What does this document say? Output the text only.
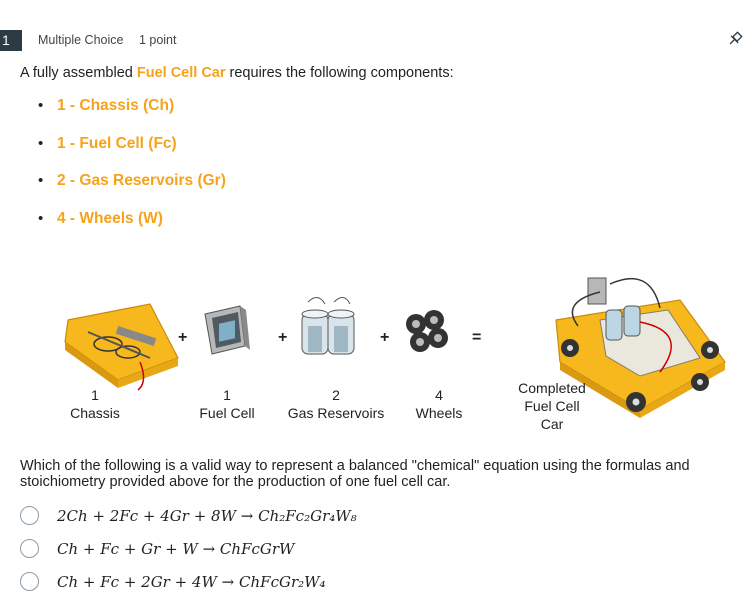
1	Multiple Choice 1 point
A fully assembled Fuel Cell Car requires the following components:
• 1 - Chassis (Ch)
• 1 - Fuel Cell (Fc)
• 2 - Gas Reservoirs (Gr)
• 4 - Wheels (W)
+	+	+	=
1
Chassis
1
Fuel Cell
2
Gas Reservoirs
4
Wheels
Completed
Fuel Cell
Car
Which of the following is a valid way to represent a balanced "chemical" equation using the formulas and stoichiometry provided above for the production of one fuel cell car.
2Ch + 2Fc + 4Gr + 8W → Ch₂Fc₂Gr₄W₈
Ch + Fc + Gr + W → ChFcGrW
Ch + Fc + 2Gr + 4W → ChFcGr₂W₄
